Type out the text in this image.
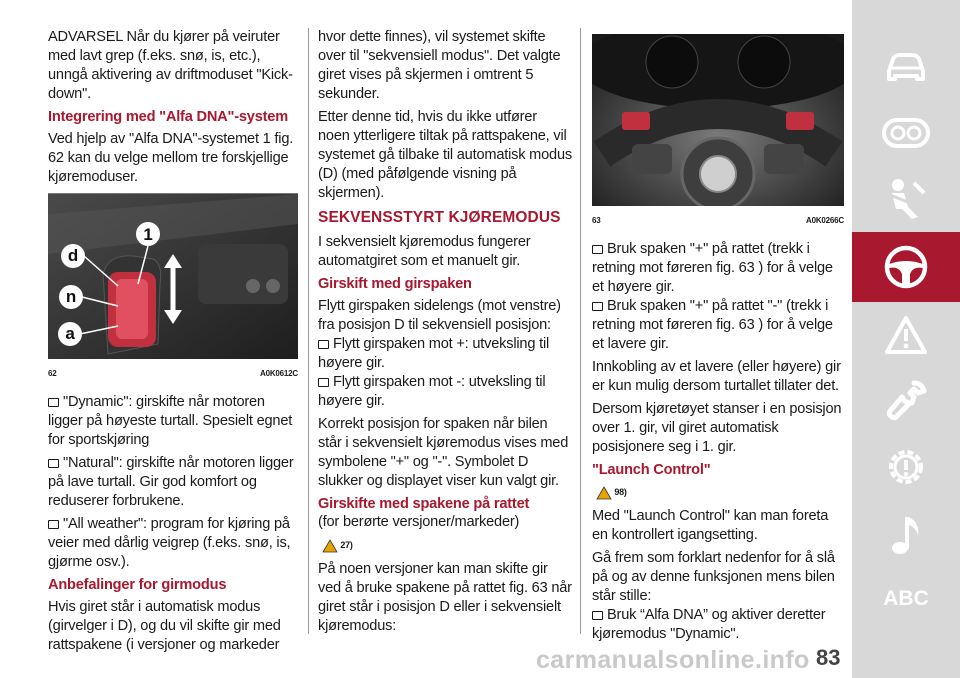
ADVARSEL Når du kjører på veiruter med lavt grep (f.eks. snø, is, etc.), unngå aktivering av driftmoduset "Kick-down".

Integrering med "Alfa DNA"-system

Ved hjelp av "Alfa DNA"-systemet 1 fig. 62 kan du velge mellom tre forskjellige kjøremoduser.

1
d
n
a
62	A0K0612C

"Dynamic": girskifte når motoren ligger på høyeste turtall. Spesielt egnet for sportskjøring

"Natural": girskifte når motoren ligger på lave turtall. Gir god komfort og reduserer forbrukene.

"All weather": program for kjøring på veier med dårlig veigrep (f.eks. snø, is, gjørme osv.).

Anbefalinger for girmodus

Hvis giret står i automatisk modus (girvelger i D), og du vil skifte gir med rattspakene (i versjoner og markeder

hvor dette finnes), vil systemet skifte over til "sekvensiell modus". Det valgte giret vises på skjermen i omtrent 5 sekunder.

Etter denne tid, hvis du ikke utfører noen ytterligere tiltak på rattspakene, vil systemet gå tilbake til automatisk modus (D) (med påfølgende visning på skjermen).

SEKVENSSTYRT KJØREMODUS

I sekvensielt kjøremodus fungerer automatgiret som et manuelt gir.

Girskift med girspaken

Flytt girspaken sidelengs (mot venstre) fra posisjon D til sekvensiell posisjon:

Flytt girspaken mot +: utveksling til høyere gir.

Flytt girspaken mot -: utveksling til høyere gir.

Korrekt posisjon for spaken når bilen står i sekvensielt kjøremodus vises med symbolene "+" og "-". Symbolet D slukker og displayet viser kun valgt gir.

Girskifte med spakene på rattet

(for berørte versjoner/markeder)

27)

På noen versjoner kan man skifte gir ved å bruke spakene på rattet fig. 63 når giret står i posisjon D eller i sekvensielt kjøremodus:

63	A0K0266C

Bruk spaken "+" på rattet (trekk i retning mot føreren fig. 63 ) for å velge et høyere gir.

Bruk spaken "+" på rattet "-" (trekk i retning mot føreren fig. 63 ) for å velge et lavere gir.

Innkobling av et lavere (eller høyere) gir er kun mulig dersom turtallet tillater det.

Dersom kjøretøyet stanser i en posisjon over 1. gir, vil giret automatisk posisjonere seg i 1. gir.

"Launch Control"
98)

Med "Launch Control" kan man foreta en kontrollert igangsetting.

Gå frem som forklart nedenfor for å slå på og av denne funksjonen mens bilen står stille:

Bruk “Alfa DNA” og aktiver deretter kjøremodus "Dynamic".

ABC
carmanualsonline.info 83
